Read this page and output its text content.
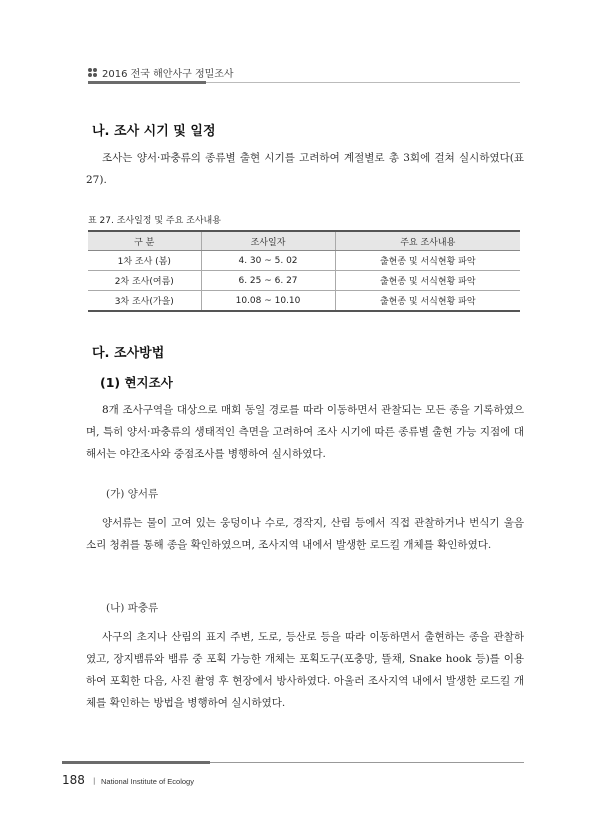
2016 전국 해안사구 정밀조사
나. 조사 시기 및 일정

조사는 양서·파충류의 종류별 출현 시기를 고려하여 계절별로 총 3회에 걸쳐 실시하였다(표 27).

표 27. 조사일정 및 주요 조사내용
구 분	조사일자	주요 조사내용
1차 조사 (봄)	4. 30 ~ 5. 02	출현종 및 서식현황 파악
2차 조사(여름)	6. 25 ~ 6. 27	출현종 및 서식현황 파악
3차 조사(가을)	10.08 ~ 10.10	출현종 및 서식현황 파악
다. 조사방법
(1) 현지조사

8개 조사구역을 대상으로 매회 동일 경로를 따라 이동하면서 관찰되는 모든 종을 기록하였으며, 특히 양서·파충류의 생태적인 측면을 고려하여 조사 시기에 따른 종류별 출현 가능 지점에 대해서는 야간조사와 중점조사를 병행하여 실시하였다.

(가) 양서류

양서류는 물이 고여 있는 웅덩이나 수로, 경작지, 산림 등에서 직접 관찰하거나 번식기 울음소리 청취를 통해 종을 확인하였으며, 조사지역 내에서 발생한 로드킬 개체를 확인하였다.

(나) 파충류

사구의 초지나 산림의 표지 주변, 도로, 등산로 등을 따라 이동하면서 출현하는 종을 관찰하였고, 장지뱀류와 뱀류 중 포획 가능한 개체는 포획도구(포충망, 뜰채, Snake hook 등)를 이용하여 포획한 다음, 사진 촬영 후 현장에서 방사하였다. 아울러 조사지역 내에서 발생한 로드킬 개체를 확인하는 방법을 병행하여 실시하였다.

188 | National Institute of Ecology
